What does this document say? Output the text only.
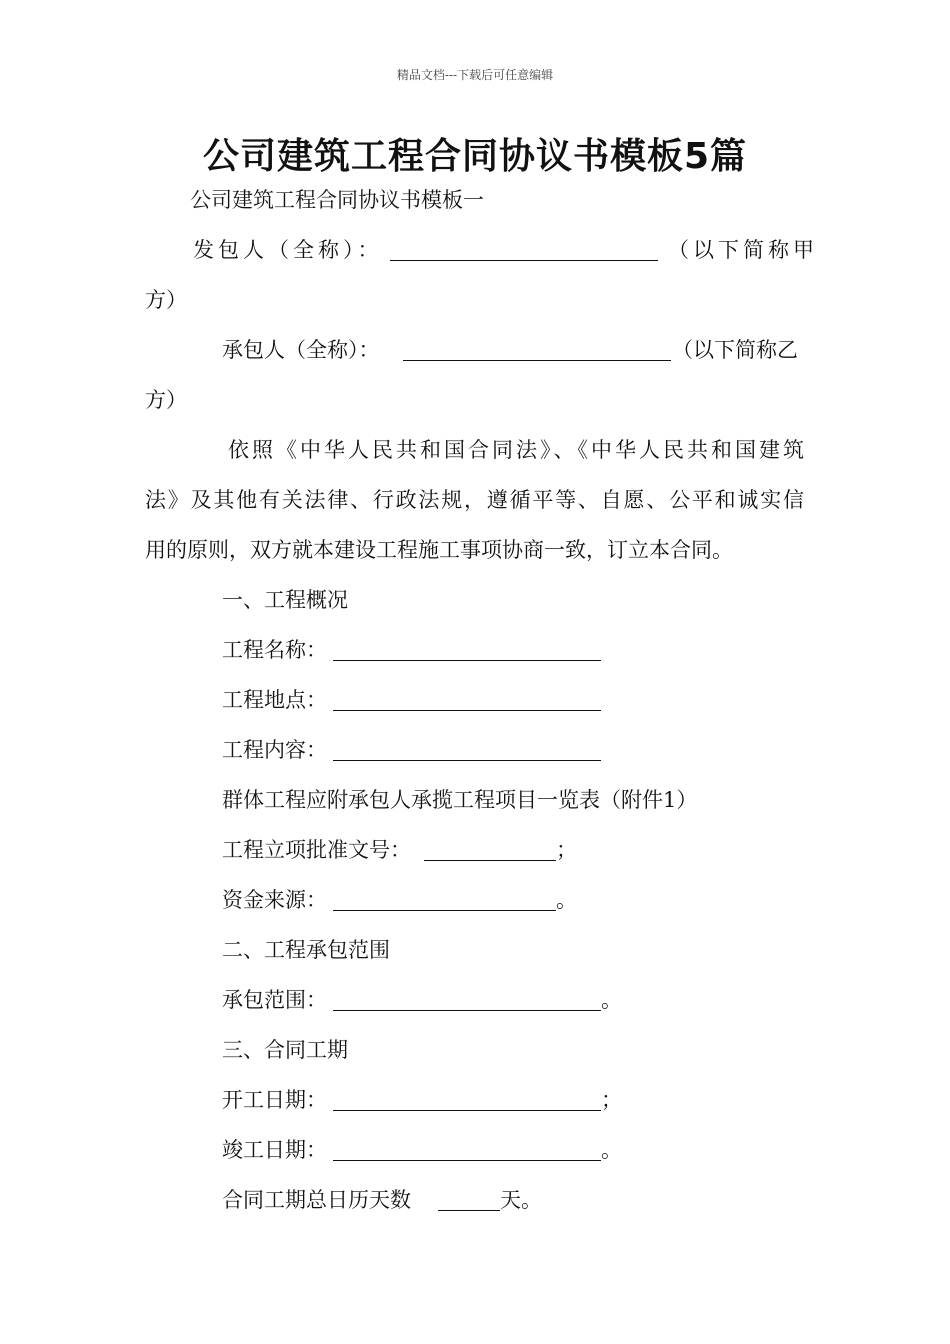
精品文档---下载后可任意编辑
公司建筑工程合同协议书模板5篇
公司建筑工程合同协议书模板一
发包人（全称）：	（以下简称甲
方）
承包人（全称）：	（以下简称乙
方）
依照《中华人民共和国合同法》、《中华人民共和国建筑
法》及其他有关法律、行政法规，遵循平等、自愿、公平和诚实信
用的原则，双方就本建设工程施工事项协商一致，订立本合同。
一、工程概况
工程名称：
工程地点：
工程内容：
群体工程应附承包人承揽工程项目一览表（附件1）
工程立项批准文号：	；
资金来源：	。
二、工程承包范围
承包范围：	。
三、合同工期
开工日期：	；
竣工日期：	。
合同工期总日历天数	天。
